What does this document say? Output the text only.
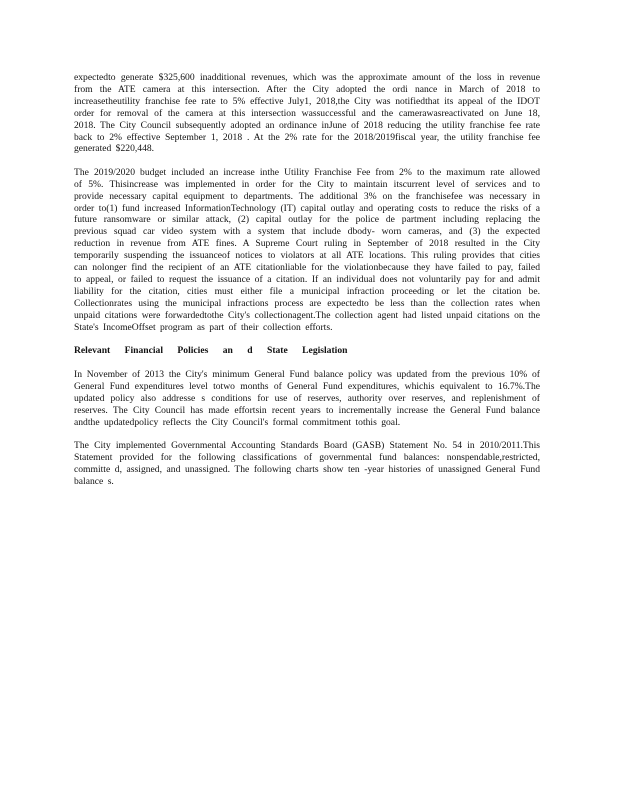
expectedto generate $325,600 inadditional revenues, which was the approximate amount of the loss in revenue from the ATE camera at this intersection. After the City adopted the ordi nance in March of 2018 to increasetheutility franchise fee rate to 5% effective July1, 2018,the City was notifiedthat its appeal of the IDOT order for removal of the camera at this intersection wassuccessful and the camerawasreactivated on June 18, 2018. The City Council subsequently adopted an ordinance inJune of 2018 reducing the utility franchise fee rate back to 2% effective September 1, 2018 . At the 2% rate for the 2018/2019fiscal year, the utility franchise fee generated $220,448.

The 2019/2020 budget included an increase inthe Utility Franchise Fee from 2% to the maximum rate allowed of 5%. Thisincrease was implemented in order for the City to maintain itscurrent level of services and to provide necessary capital equipment to departments. The additional 3% on the franchisefee was necessary in order to(1) fund increased InformationTechnology (IT) capital outlay and operating costs to reduce the risks of a future ransomware or similar attack, (2) capital outlay for the police de partment including replacing the previous squad car video system with a system that include dbody- worn cameras, and (3) the expected reduction in revenue from ATE fines. A Supreme Court ruling in September of 2018 resulted in the City temporarily suspending the issuanceof notices to violators at all ATE locations. This ruling provides that cities can nolonger find the recipient of an ATE citationliable for the violationbecause they have failed to pay, failed to appeal, or failed to request the issuance of a citation. If an individual does not voluntarily pay for and admit liability for the citation, cities must either file a municipal infraction proceeding or let the citation be. Collectionrates using the municipal infractions process are expectedto be less than the collection rates when unpaid citations were forwardedtothe City's collectionagent.The collection agent had listed unpaid citations on the State's IncomeOffset program as part of their collection efforts.

Relevant Financial Policies an d State Legislation

In November of 2013 the City's minimum General Fund balance policy was updated from the previous 10% of General Fund expenditures level totwo months of General Fund expenditures, whichis equivalent to 16.7%.The updated policy also addresse s conditions for use of reserves, authority over reserves, and replenishment of reserves. The City Council has made effortsin recent years to incrementally increase the General Fund balance andthe updatedpolicy reflects the City Council's formal commitment tothis goal.

The City implemented Governmental Accounting Standards Board (GASB) Statement No. 54 in 2010/2011.This Statement provided for the following classifications of governmental fund balances: nonspendable,restricted, committe d, assigned, and unassigned. The following charts show ten -year histories of unassigned General Fund balance s.
